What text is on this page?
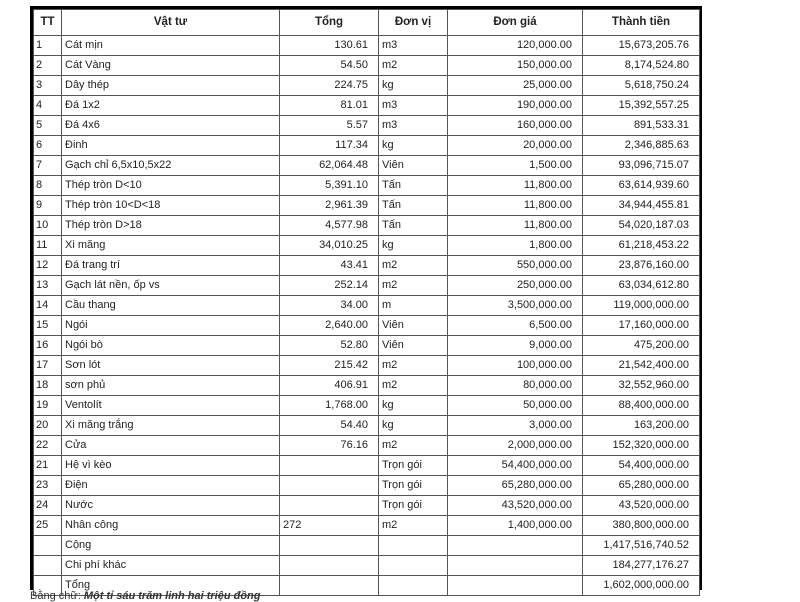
TT	Vật tư	Tổng	Đơn vị	Đơn giá	Thành tiền
1	Cát mịn	130.61	m3	120,000.00	15,673,205.76
2	Cát Vàng	54.50	m2	150,000.00	8,174,524.80
3	Dây thép	224.75	kg	25,000.00	5,618,750.24
4	Đá 1x2	81.01	m3	190,000.00	15,392,557.25
5	Đá 4x6	5.57	m3	160,000.00	891,533.31
6	Đinh	117.34	kg	20,000.00	2,346,885.63
7	Gạch chỉ 6,5x10,5x22	62,064.48	Viên	1,500.00	93,096,715.07
8	Thép tròn D<10	5,391.10	Tấn	11,800.00	63,614,939.60
9	Thép tròn 10<D<18	2,961.39	Tấn	11,800.00	34,944,455.81
10	Thép tròn D>18	4,577.98	Tấn	11,800.00	54,020,187.03
11	Xi măng	34,010.25	kg	1,800.00	61,218,453.22
12	Đá trang trí	43.41	m2	550,000.00	23,876,160.00
13	Gạch lát nền, ốp vs	252.14	m2	250,000.00	63,034,612.80
14	Cầu thang	34.00	m	3,500,000.00	119,000,000.00
15	Ngói	2,640.00	Viên	6,500.00	17,160,000.00
16	Ngói bò	52.80	Viên	9,000.00	475,200.00
17	Sơn lót	215.42	m2	100,000.00	21,542,400.00
18	sơn phủ	406.91	m2	80,000.00	32,552,960.00
19	Ventolít	1,768.00	kg	50,000.00	88,400,000.00
20	Xi măng trắng	54.40	kg	3,000.00	163,200.00
22	Cửa	76.16	m2	2,000,000.00	152,320,000.00
21	Hệ vì kèo		Trọn gói	54,400,000.00	54,400,000.00
23	Điện		Trọn gói	65,280,000.00	65,280,000.00
24	Nước		Trọn gói	43,520,000.00	43,520,000.00
25	Nhân công	272	m2	1,400,000.00	380,800,000.00
	Cộng				1,417,516,740.52
	Chi phí khác				184,277,176.27
	Tổng				1,602,000,000.00
Bằng chữ: Một tỉ sáu trăm linh hai triệu đồng
